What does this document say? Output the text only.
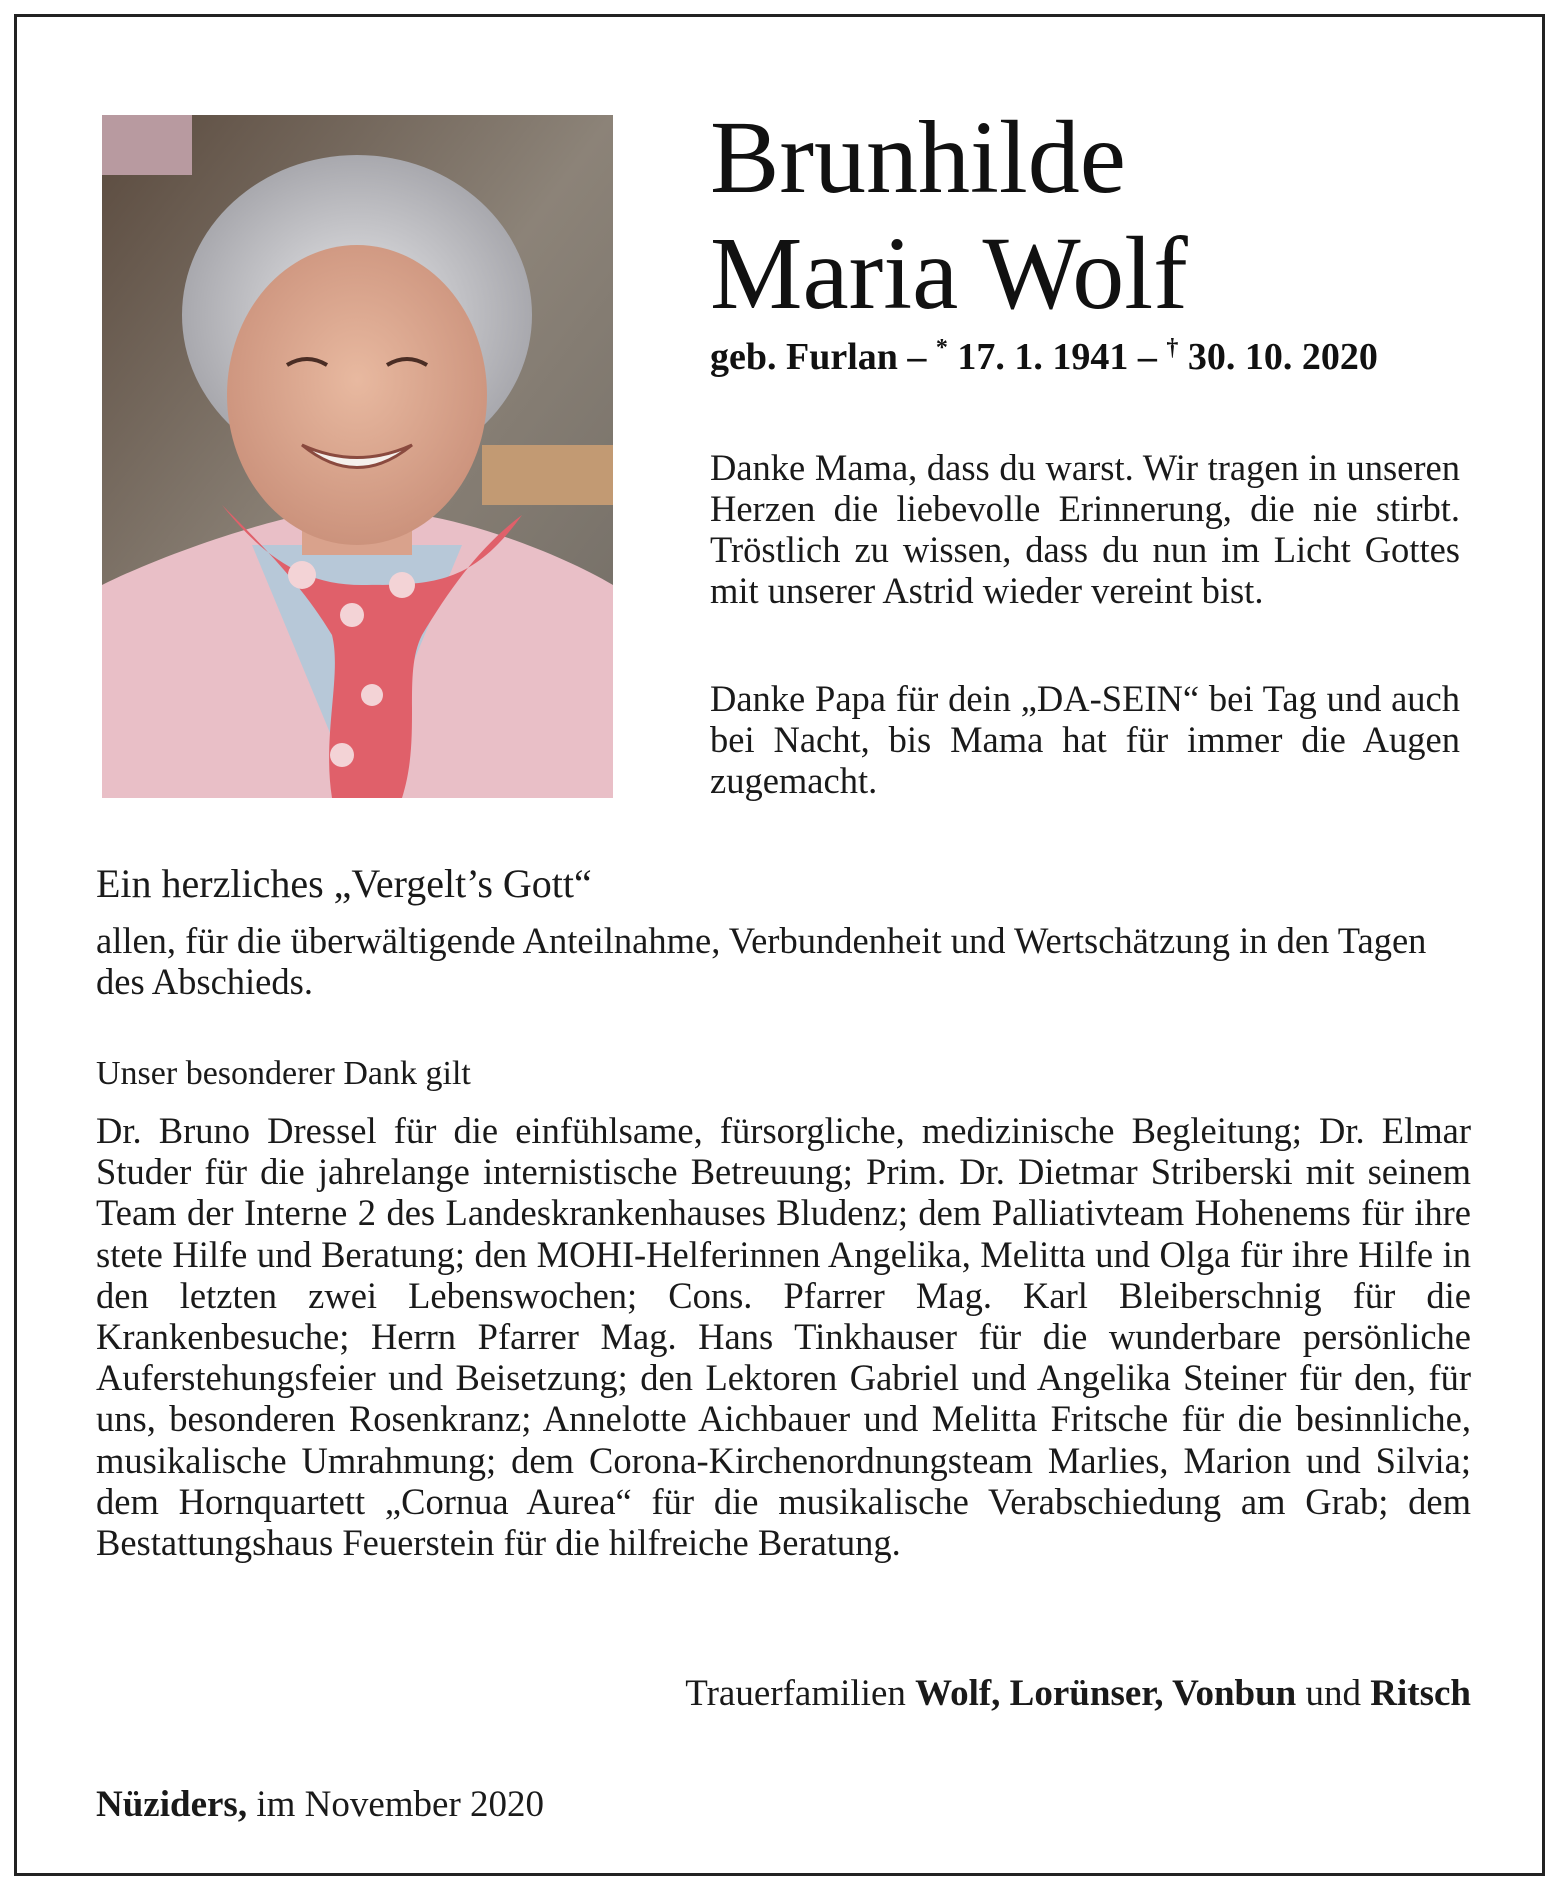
Brunhilde
Maria Wolf
geb. Furlan – * 17. 1. 1941 – † 30. 10. 2020
Danke Mama, dass du warst. Wir tragen in unseren Herzen die liebevolle Erinnerung, die nie stirbt. Tröstlich zu wissen, dass du nun im Licht Gottes mit unserer Astrid wieder vereint bist.
Danke Papa für dein „DA-SEIN“ bei Tag und auch bei Nacht, bis Mama hat für immer die Augen zugemacht.
Ein herzliches „Vergelt’s Gott“
allen, für die überwältigende Anteilnahme, Verbundenheit und Wertschätzung in den Tagen des Abschieds.
Unser besonderer Dank gilt
Dr. Bruno Dressel für die einfühlsame, fürsorgliche, medizinische Begleitung; Dr. Elmar Studer für die jahrelange internistische Betreuung; Prim. Dr. Dietmar Striberski mit seinem Team der Interne 2 des Landeskrankenhauses Bludenz; dem Palliativteam Hohenems für ihre stete Hilfe und Beratung; den MOHI-Helferinnen Angelika, Melitta und Olga für ihre Hilfe in den letzten zwei Lebenswochen; Cons. Pfarrer Mag. Karl Bleiberschnig für die Krankenbesuche; Herrn Pfarrer Mag. Hans Tinkhauser für die wunderbare persönliche Auferstehungsfeier und Beisetzung; den Lektoren Gabriel und Angelika Steiner für den, für uns, besonderen Rosenkranz; Annelotte Aichbauer und Melitta Fritsche für die besinnliche, musikalische Umrahmung; dem Corona-Kirchenordnungsteam Marlies, Marion und Silvia; dem Hornquartett „Cornua Aurea“ für die musikalische Verabschiedung am Grab; dem Bestattungshaus Feuerstein für die hilfreiche Beratung.
Trauerfamilien Wolf, Lorünser, Vonbun und Ritsch
Nüziders, im November 2020
